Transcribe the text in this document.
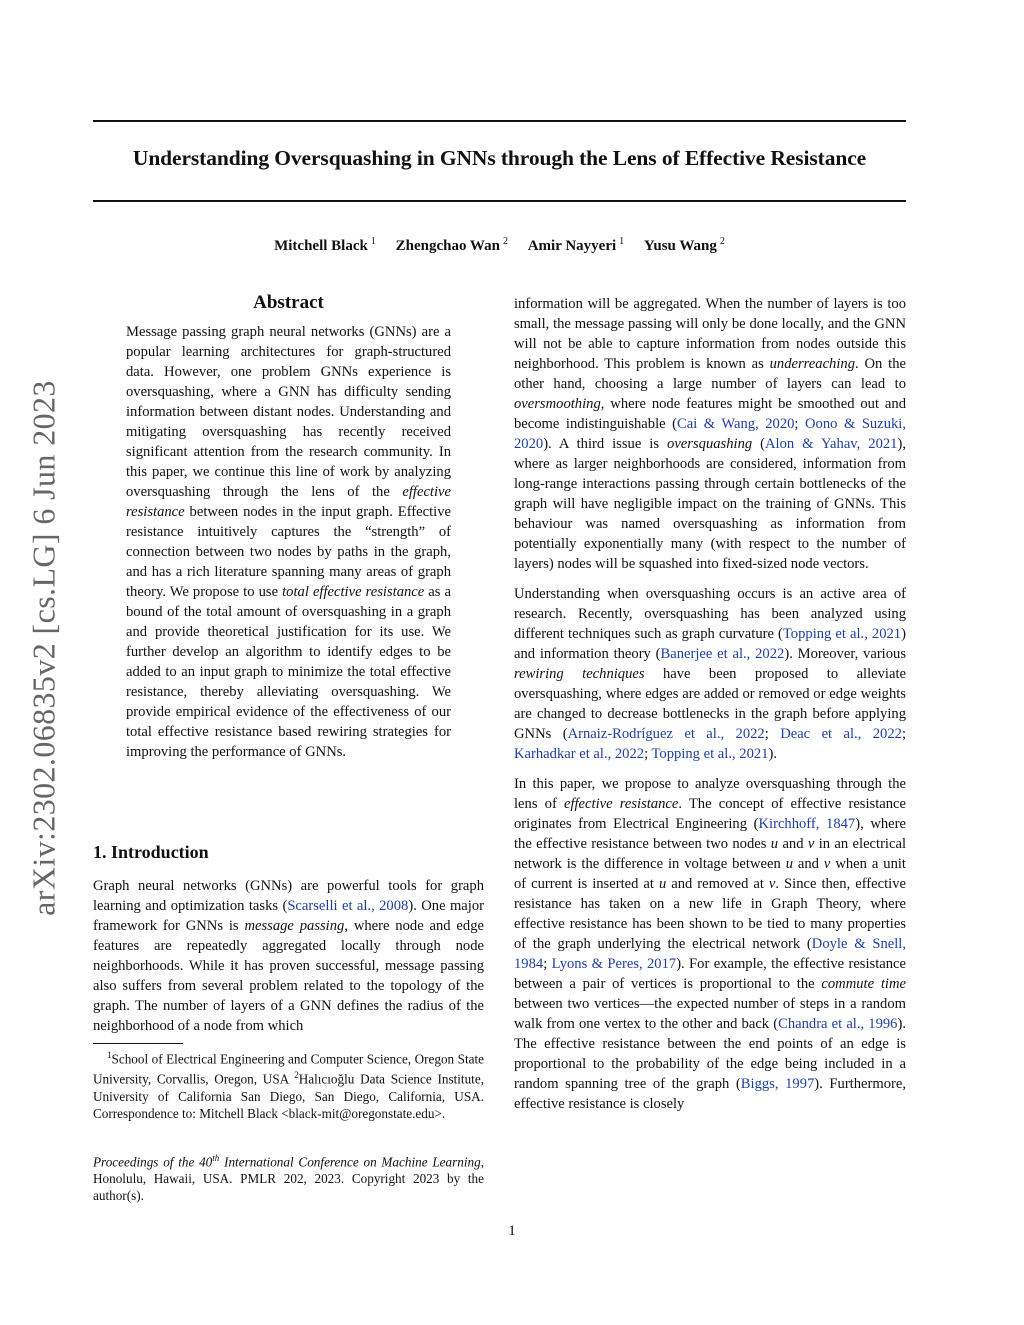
Understanding Oversquashing in GNNs through the Lens of Effective Resistance
Mitchell Black $^1$ Zhengchao Wan $^2$ Amir Nayyeri $^1$ Yusu Wang $^2$
arXiv:2302.06835v2 [cs.LG] 6 Jun 2023
Abstract

Message passing graph neural networks (GNNs) are a popular learning architectures for graph-structured data. However, one problem GNNs experience is oversquashing, where a GNN has difficulty sending information between distant nodes. Understanding and mitigating oversquashing has recently received significant attention from the research community. In this paper, we continue this line of work by analyzing oversquashing through the lens of the effective resistance between nodes in the input graph. Effective resistance intuitively captures the “strength” of connection between two nodes by paths in the graph, and has a rich literature spanning many areas of graph theory. We propose to use total effective resistance as a bound of the total amount of oversquashing in a graph and provide theoretical justification for its use. We further develop an algorithm to identify edges to be added to an input graph to minimize the total effective resistance, thereby alleviating oversquashing. We provide empirical evidence of the effectiveness of our total effective resistance based rewiring strategies for improving the performance of GNNs.

1. Introduction

Graph neural networks (GNNs) are powerful tools for graph learning and optimization tasks (Scarselli et al., 2008). One major framework for GNNs is message passing, where node and edge features are repeatedly aggregated locally through node neighborhoods. While it has proven successful, message passing also suffers from several problem related to the topology of the graph. The number of layers of a GNN defines the radius of the neighborhood of a node from which

$^1$School of Electrical Engineering and Computer Science, Oregon State University, Corvallis, Oregon, USA $^2$Halıcıoğlu Data Science Institute, University of California San Diego, San Diego, California, USA. Correspondence to: Mitchell Black <black-mit@oregonstate.edu>.

Proceedings of the 40th International Conference on Machine Learning, Honolulu, Hawaii, USA. PMLR 202, 2023. Copyright 2023 by the author(s).

information will be aggregated. When the number of layers is too small, the message passing will only be done locally, and the GNN will not be able to capture information from nodes outside this neighborhood. This problem is known as underreaching. On the other hand, choosing a large number of layers can lead to oversmoothing, where node features might be smoothed out and become indistinguishable (Cai & Wang, 2020; Oono & Suzuki, 2020). A third issue is oversquashing (Alon & Yahav, 2021), where as larger neighborhoods are considered, information from long-range interactions passing through certain bottlenecks of the graph will have negligible impact on the training of GNNs. This behaviour was named oversquashing as information from potentially exponentially many (with respect to the number of layers) nodes will be squashed into fixed-sized node vectors.

Understanding when oversquashing occurs is an active area of research. Recently, oversquashing has been analyzed using different techniques such as graph curvature (Topping et al., 2021) and information theory (Banerjee et al., 2022). Moreover, various rewiring techniques have been proposed to alleviate oversquashing, where edges are added or removed or edge weights are changed to decrease bottlenecks in the graph before applying GNNs (Arnaiz-Rodríguez et al., 2022; Deac et al., 2022; Karhadkar et al., 2022; Topping et al., 2021).

In this paper, we propose to analyze oversquashing through the lens of effective resistance. The concept of effective resistance originates from Electrical Engineering (Kirchhoff, 1847), where the effective resistance between two nodes u and v in an electrical network is the difference in voltage between u and v when a unit of current is inserted at u and removed at v. Since then, effective resistance has taken on a new life in Graph Theory, where effective resistance has been shown to be tied to many properties of the graph underlying the electrical network (Doyle & Snell, 1984; Lyons & Peres, 2017). For example, the effective resistance between a pair of vertices is proportional to the commute time between two vertices—the expected number of steps in a random walk from one vertex to the other and back (Chandra et al., 1996). The effective resistance between the end points of an edge is proportional to the probability of the edge being included in a random spanning tree of the graph (Biggs, 1997). Furthermore, effective resistance is closely

1
